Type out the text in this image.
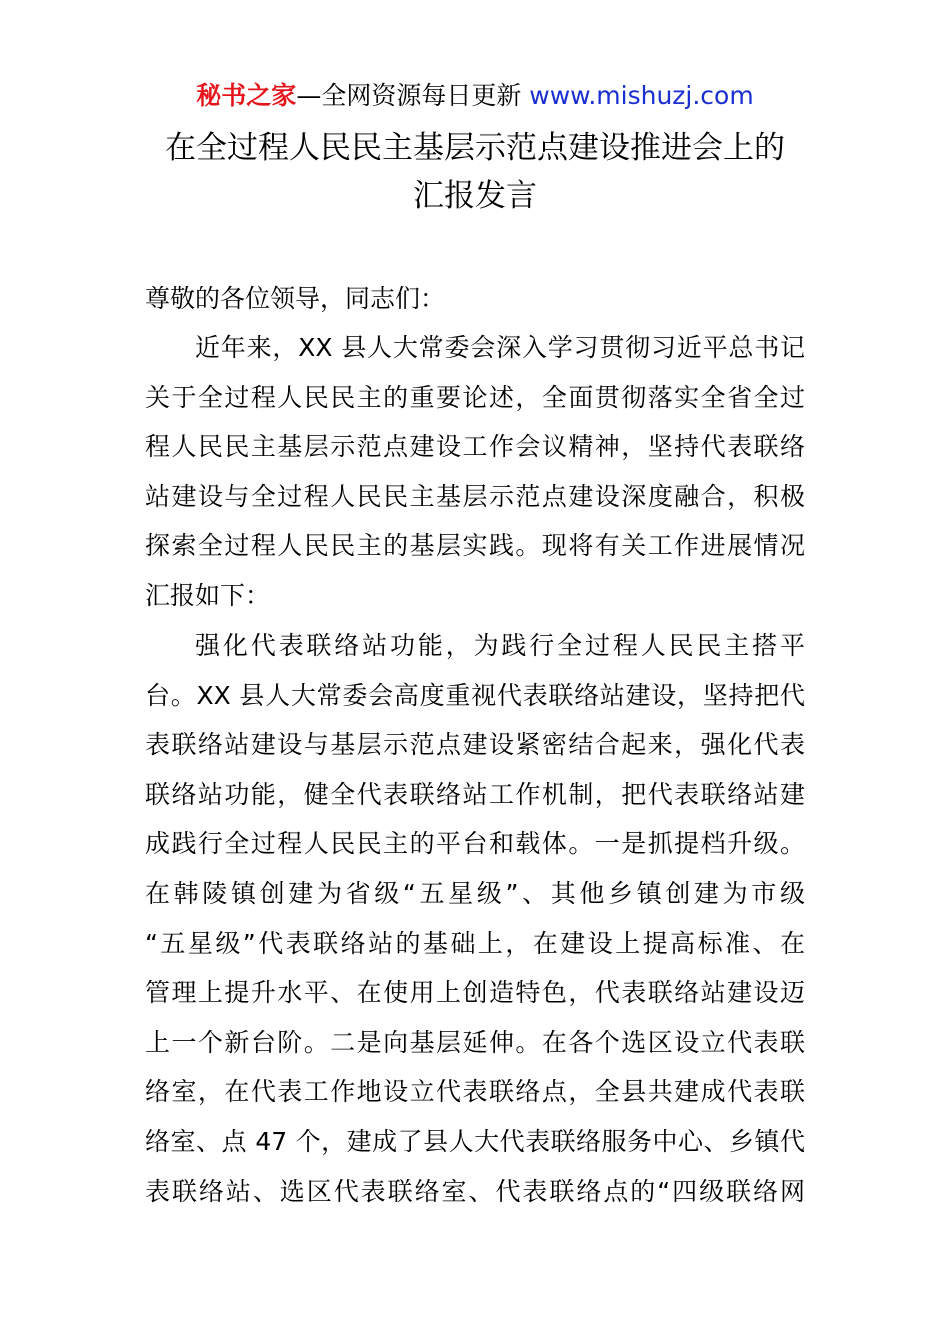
秘书之家—全网资源每日更新 www.mishuzj.com
在全过程人民民主基层示范点建设推进会上的
汇报发言
尊敬的各位领导，同志们：
近年来，XX 县人大常委会深入学习贯彻习近平总书记
关于全过程人民民主的重要论述，全面贯彻落实全省全过
程人民民主基层示范点建设工作会议精神，坚持代表联络
站建设与全过程人民民主基层示范点建设深度融合，积极
探索全过程人民民主的基层实践。现将有关工作进展情况
汇报如下：
强化代表联络站功能，为践行全过程人民民主搭平
台。XX 县人大常委会高度重视代表联络站建设，坚持把代
表联络站建设与基层示范点建设紧密结合起来，强化代表
联络站功能，健全代表联络站工作机制，把代表联络站建
成践行全过程人民民主的平台和载体。一是抓提档升级。
在韩陵镇创建为省级“五星级”、其他乡镇创建为市级
“五星级”代表联络站的基础上，在建设上提高标准、在
管理上提升水平、在使用上创造特色，代表联络站建设迈
上一个新台阶。二是向基层延伸。在各个选区设立代表联
络室，在代表工作地设立代表联络点，全县共建成代表联
络室、点 47 个，建成了县人大代表联络服务中心、乡镇代
表联络站、选区代表联络室、代表联络点的“四级联络网
